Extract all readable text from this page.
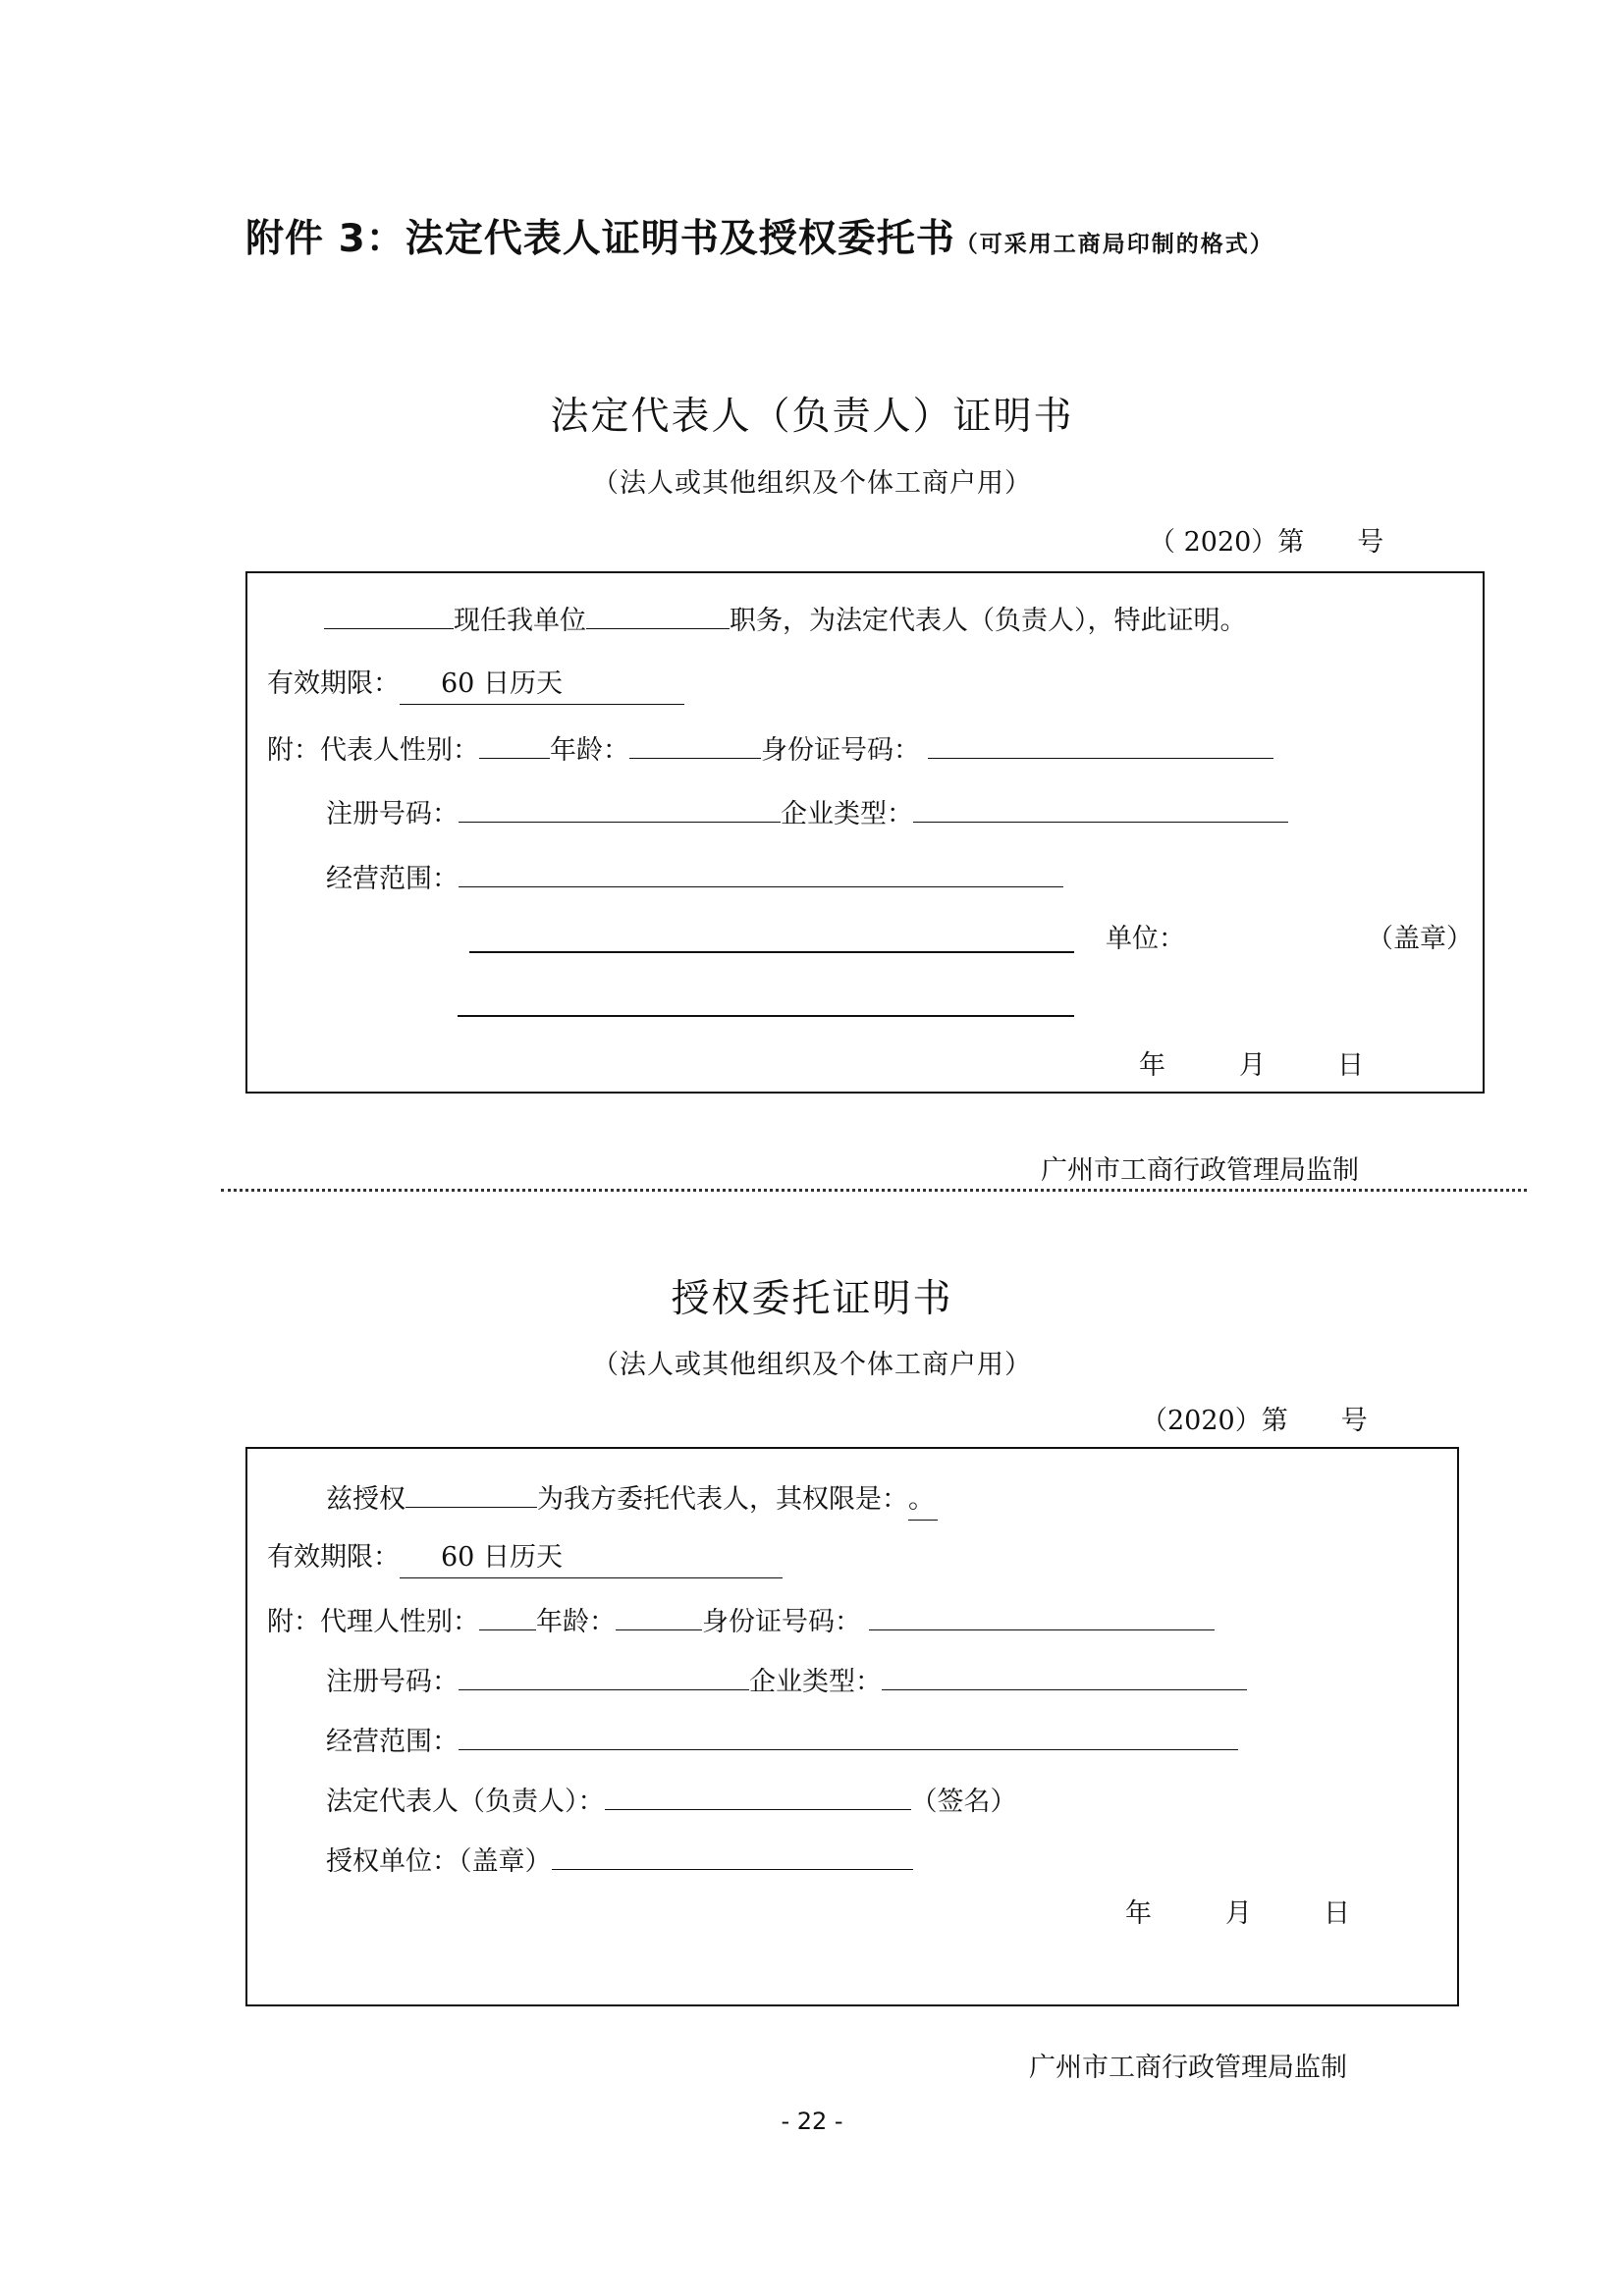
附件 3：法定代表人证明书及授权委托书（可采用工商局印制的格式）
法定代表人（负责人）证明书
（法人或其他组织及个体工商户用）
（ 2020）第　　号
现任我单位	职务，为法定代表人（负责人），特此证明。
有效期限： 60 日历天
附：代表人性别：	年龄：	身份证号码：
注册号码：	企业类型：
经营范围：
单位：	（盖章）
年	月	日
广州市工商行政管理局监制
授权委托证明书
（法人或其他组织及个体工商户用）
（2020）第　　号
兹授权	为我方委托代表人，其权限是：。
有效期限： 60 日历天
附：代理人性别： 年龄：	身份证号码：
注册号码：	企业类型：
经营范围：
法定代表人（负责人）：	（签名）
授权单位：（盖章）
年	月	日
广州市工商行政管理局监制
- 22 -
